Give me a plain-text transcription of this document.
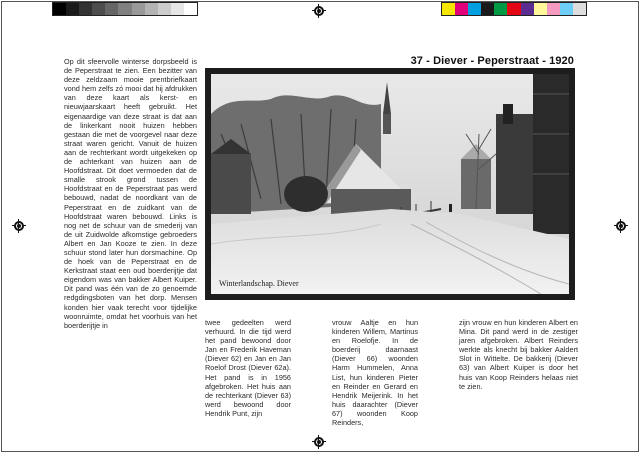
37 - Diever - Peperstraat - 1920

Op dit sfeervolle winterse dorpsbeeld is de Peperstraat te zien. Een bezitter van deze zeldzaam mooie prentbriefkaart vond hem zelfs zó mooi dat hij afdrukken van deze kaart als kerst- en nieuwjaarskaart heeft gebruikt. Het eigenaardige van deze straat is dat aan de linkerkant nooit huizen hebben gestaan die met de voorgevel naar deze straat waren gericht. Vanuit de huizen aan de rechterkant wordt uitgekeken op de achterkant van huizen aan de Hoofdstraat. Dit doet vermoeden dat de smalle strook grond tussen de Hoofdstraat en de Peperstraat pas werd bebouwd, nadat de noordkant van de Peperstraat en de zuidkant van de Hoofdstraat waren bebouwd. Links is nog net de schuur van de smederij van de uit Zuidwolde afkomstige gebroeders Albert en Jan Kooze te zien. In deze schuur stond later hun dorsmachine. Op de hoek van de Peperstraat en de Kerkstraat staat een oud boerderijtje dat eigendom was van bakker Albert Kuiper. Dit pand was één van de zo genoemde redgdingsboten van het dorp. Mensen konden hier vaak terecht voor tijdelijke woonruimte, omdat het voorhuis van het boerderijtje in

Winterlandschap. Diever

twee gedeelten werd verhuurd. In die tijd werd het pand bewoond door Jan en Frederik Haveman (Diever 62) en Jan en Jan Roelof Drost (Diever 62a). Het pand is in 1956 afgebroken. Het huis aan de rechterkant (Diever 63) werd bewoond door Hendrik Punt, zijn

vrouw Aaltje en hun kinderen Willem, Martinus en Roelofje. In de boerderij daarnaast (Diever 66) woonden Harm Hummelen, Anna List, hun kinderen Pieter en Reinder en Gerard en Hendrik Meijerink. In het huis daarachter (Diever 67) woonden Koop Reinders,

zijn vrouw en hun kinderen Albert en Mina. Dit pand werd in de zestiger jaren afgebroken. Albert Reinders werkte als knecht bij bakker Aaldert Slot in Wittelte. De bakkerij (Diever 63) van Albert Kuiper is door het huis van Koop Reinders helaas niet te zien.
